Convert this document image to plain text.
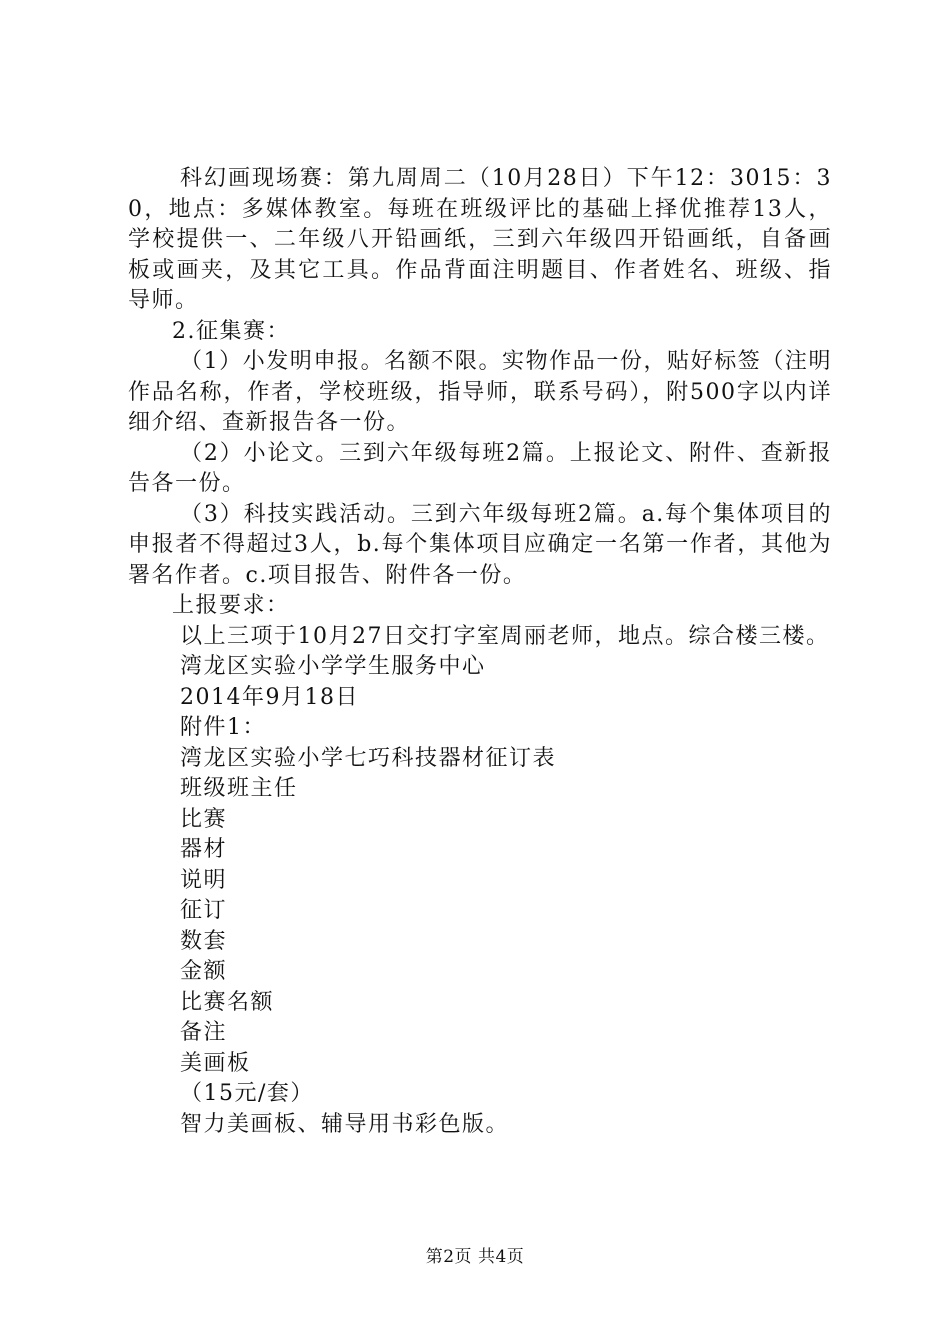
科幻画现场赛：第九周周二（10月28日）下午12：3015：30，地点：多媒体教室。每班在班级评比的基础上择优推荐13人，学校提供一、二年级八开铅画纸，三到六年级四开铅画纸，自备画板或画夹，及其它工具。作品背面注明题目、作者姓名、班级、指导师。

2.征集赛：

（1）小发明申报。名额不限。实物作品一份，贴好标签（注明作品名称，作者，学校班级，指导师，联系号码），附500字以内详细介绍、查新报告各一份。

（2）小论文。三到六年级每班2篇。上报论文、附件、查新报告各一份。

（3）科技实践活动。三到六年级每班2篇。a.每个集体项目的申报者不得超过3人，b.每个集体项目应确定一名第一作者，其他为署名作者。c.项目报告、附件各一份。

上报要求：

以上三项于10月27日交打字室周丽老师，地点。综合楼三楼。

湾龙区实验小学学生服务中心

2014年9月18日

附件1：

湾龙区实验小学七巧科技器材征订表

班级班主任

比赛

器材

说明

征订

数套

金额

比赛名额

备注

美画板

（15元/套）

智力美画板、辅导用书彩色版。

第2页 共4页
